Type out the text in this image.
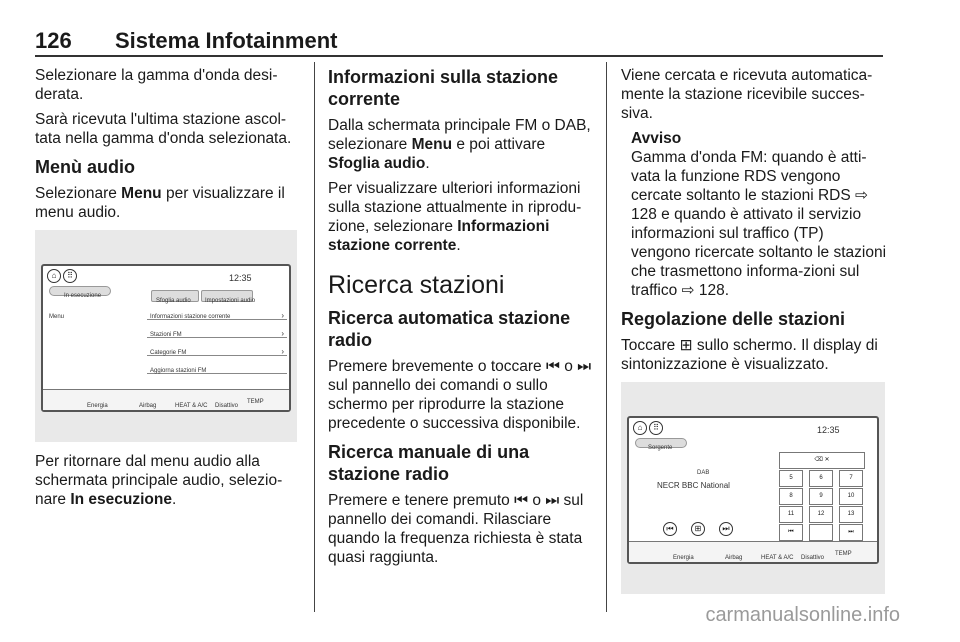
126 Sistema Infotainment

Selezionare la gamma d'onda desi-derata.

Sarà ricevuta l'ultima stazione ascol-tata nella gamma d'onda selezionata.

Menù audio

Selezionare Menu per visualizzare il menu audio.

⌂	⠿	12:35
In esecuzione
Menu
Sfoglia audio Impostazioni audio
Informazioni stazione corrente	›
Stazioni FM	›
Categorie FM	›
Aggiorna stazioni FM
Energia	Airbag	HEAT & A/C Disattivo
TEMP

Per ritornare dal menu audio alla schermata principale audio, selezio-nare In esecuzione.

Informazioni sulla stazione corrente

Dalla schermata principale FM o DAB, selezionare Menu e poi attivare Sfoglia audio.

Per visualizzare ulteriori informazioni sulla stazione attualmente in riprodu-zione, selezionare Informazioni stazione corrente.

Ricerca stazioni
Ricerca automatica stazione radio

Premere brevemente o toccare ⏮ o ⏭ sul pannello dei comandi o sullo schermo per riprodurre la stazione precedente o successiva disponibile.

Ricerca manuale di una stazione radio

Premere e tenere premuto ⏮ o ⏭ sul pannello dei comandi. Rilasciare quando la frequenza richiesta è stata quasi raggiunta.

Viene cercata e ricevuta automatica-mente la stazione ricevibile succes-siva.

Avviso
Gamma d'onda FM: quando è atti-vata la funzione RDS vengono cercate soltanto le stazioni RDS ⇨ 128 e quando è attivato il servizio informazioni sul traffico (TP) vengono ricercate soltanto le stazioni che trasmettono informa-zioni sul traffico ⇨ 128.
Regolazione delle stazioni

Toccare ⊞ sullo schermo. Il display di sintonizzazione è visualizzato.

⌂	⠿	12:35
Sorgente
DAB
NECR BBC National
⏮	⊞	⏭
⌫ ✕
5	6	7
8	9	10
11	12	13
⏮	⏭
Energia	Airbag	HEAT & A/C Disattivo
TEMP
carmanualsonline.info
